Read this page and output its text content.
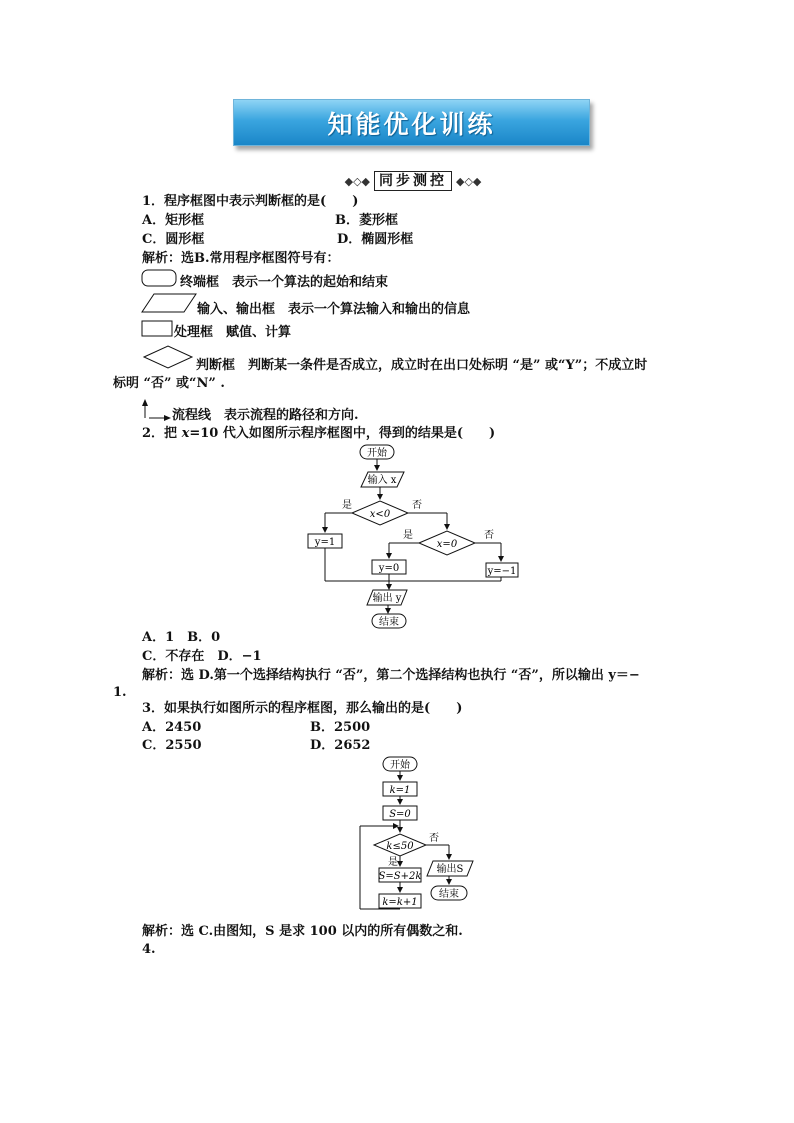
知能优化训练
◆◇◆ 同步测控 ◆◇◆
1．程序框图中表示判断框的是(　　)
A．矩形框	B．菱形框
C．圆形框	D．椭圆形框
解析：选B.常用程序框图符号有：
终端框　表示一个算法的起始和结束
输入、输出框　表示一个算法输入和输出的信息
处理框　赋值、计算
判断框　判断某一条件是否成立，成立时在出口处标明 “是” 或“Y”；不成立时
标明 “否” 或“N” .
流程线　表示流程的路径和方向.
2．把 x=10 代入如图所示程序框图中，得到的结果是(　　)
开始
输入 x
x<0
是	否
y=1	x=0
是	否
y=0	y=−1
输出 y
结束
A．1　B．0
C．不存在　D．−1
解析：选 D.第一个选择结构执行 “否”，第二个选择结构也执行 “否”，所以输出 y＝−
1.
3．如果执行如图所示的程序框图，那么输出的是(　　)
A．2450	B．2500
C．2550	D．2652
开始
k=1
S=0
k≤50
否
是
输出S
结束
S=S+2k
k=k+1
解析：选 C.由图知，S 是求 100 以内的所有偶数之和.
4.
